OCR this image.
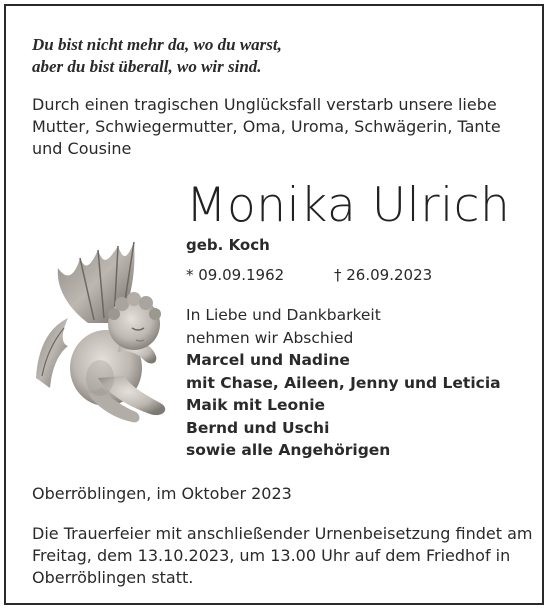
Du bist nicht mehr da, wo du warst,
aber du bist überall, wo wir sind.
Durch einen tragischen Unglücksfall verstarb unsere liebe Mutter, Schwiegermutter, Oma, Uroma, Schwägerin, Tante und Cousine
Monika Ulrich
geb. Koch
* 09.09.1962	† 26.09.2023
In Liebe und Dankbarkeit
nehmen wir Abschied
Marcel und Nadine
mit Chase, Aileen, Jenny und Leticia
Maik mit Leonie
Bernd und Uschi
sowie alle Angehörigen
Oberröblingen, im Oktober 2023
Die Trauerfeier mit anschließender Urnenbeisetzung findet am Freitag, dem 13.10.2023, um 13.00 Uhr auf dem Friedhof in Oberröblingen statt.
